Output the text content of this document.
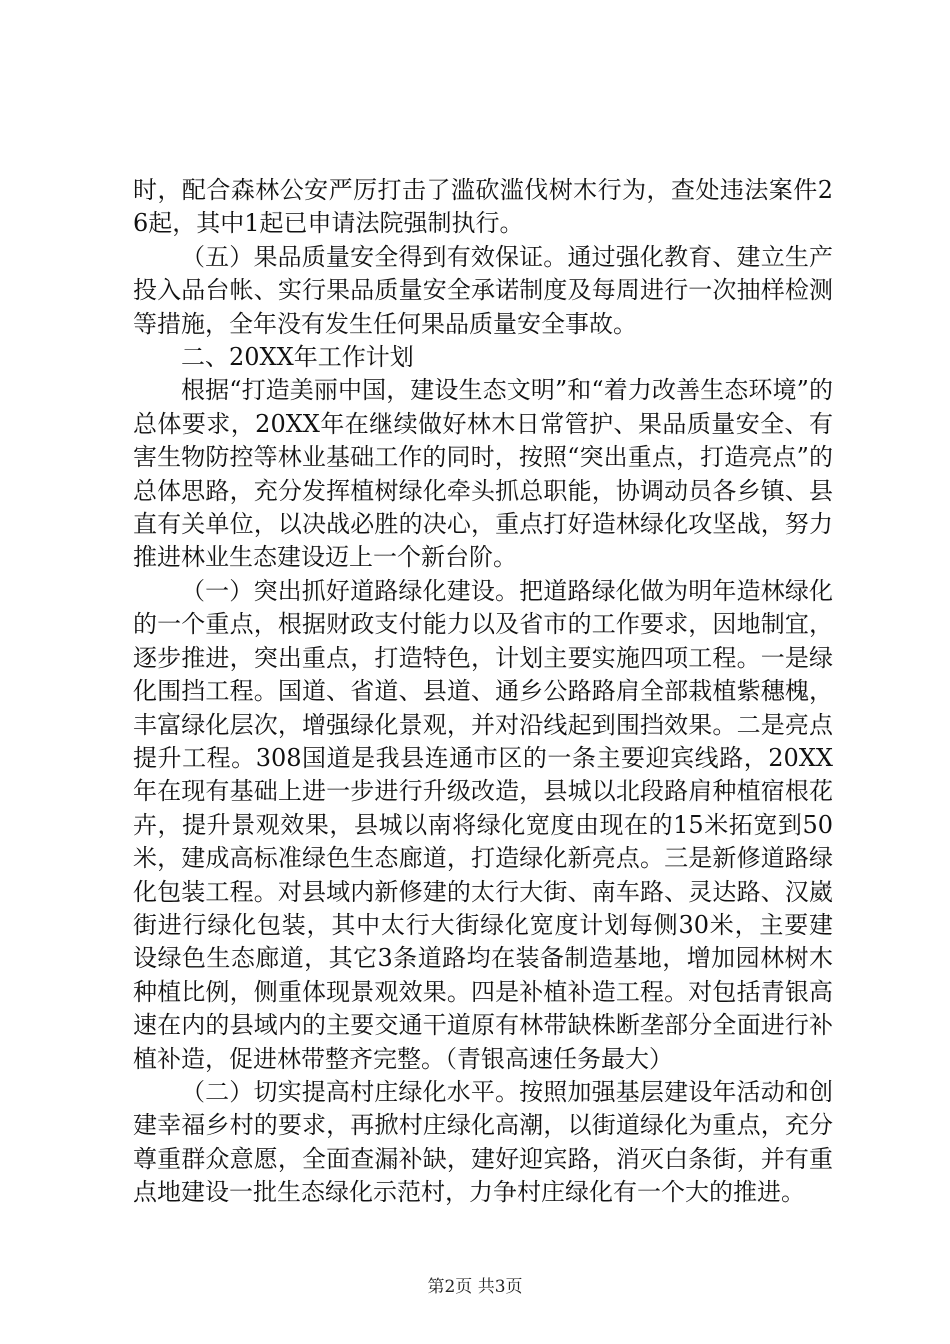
时，配合森林公安严厉打击了滥砍滥伐树木行为，查处违法案件26起，其中1起已申请法院强制执行。

（五）果品质量安全得到有效保证。通过强化教育、建立生产投入品台帐、实行果品质量安全承诺制度及每周进行一次抽样检测等措施，全年没有发生任何果品质量安全事故。

二、20XX年工作计划

根据“打造美丽中国，建设生态文明”和“着力改善生态环境”的总体要求，20XX年在继续做好林木日常管护、果品质量安全、有害生物防控等林业基础工作的同时，按照“突出重点，打造亮点”的总体思路，充分发挥植树绿化牵头抓总职能，协调动员各乡镇、县直有关单位，以决战必胜的决心，重点打好造林绿化攻坚战，努力推进林业生态建设迈上一个新台阶。

（一）突出抓好道路绿化建设。把道路绿化做为明年造林绿化的一个重点，根据财政支付能力以及省市的工作要求，因地制宜，逐步推进，突出重点，打造特色，计划主要实施四项工程。一是绿化围挡工程。国道、省道、县道、通乡公路路肩全部栽植紫穗槐，丰富绿化层次，增强绿化景观，并对沿线起到围挡效果。二是亮点提升工程。308国道是我县连通市区的一条主要迎宾线路，20XX年在现有基础上进一步进行升级改造，县城以北段路肩种植宿根花卉，提升景观效果，县城以南将绿化宽度由现在的15米拓宽到50米，建成高标准绿色生态廊道，打造绿化新亮点。三是新修道路绿化包装工程。对县域内新修建的太行大街、南车路、灵达路、汉崴街进行绿化包装，其中太行大街绿化宽度计划每侧30米，主要建设绿色生态廊道，其它3条道路均在装备制造基地，增加园林树木种植比例，侧重体现景观效果。四是补植补造工程。对包括青银高速在内的县域内的主要交通干道原有林带缺株断垄部分全面进行补植补造，促进林带整齐完整。（青银高速任务最大）

（二）切实提高村庄绿化水平。按照加强基层建设年活动和创建幸福乡村的要求，再掀村庄绿化高潮，以街道绿化为重点，充分尊重群众意愿，全面查漏补缺，建好迎宾路，消灭白条街，并有重点地建设一批生态绿化示范村，力争村庄绿化有一个大的推进。

第2页 共3页
